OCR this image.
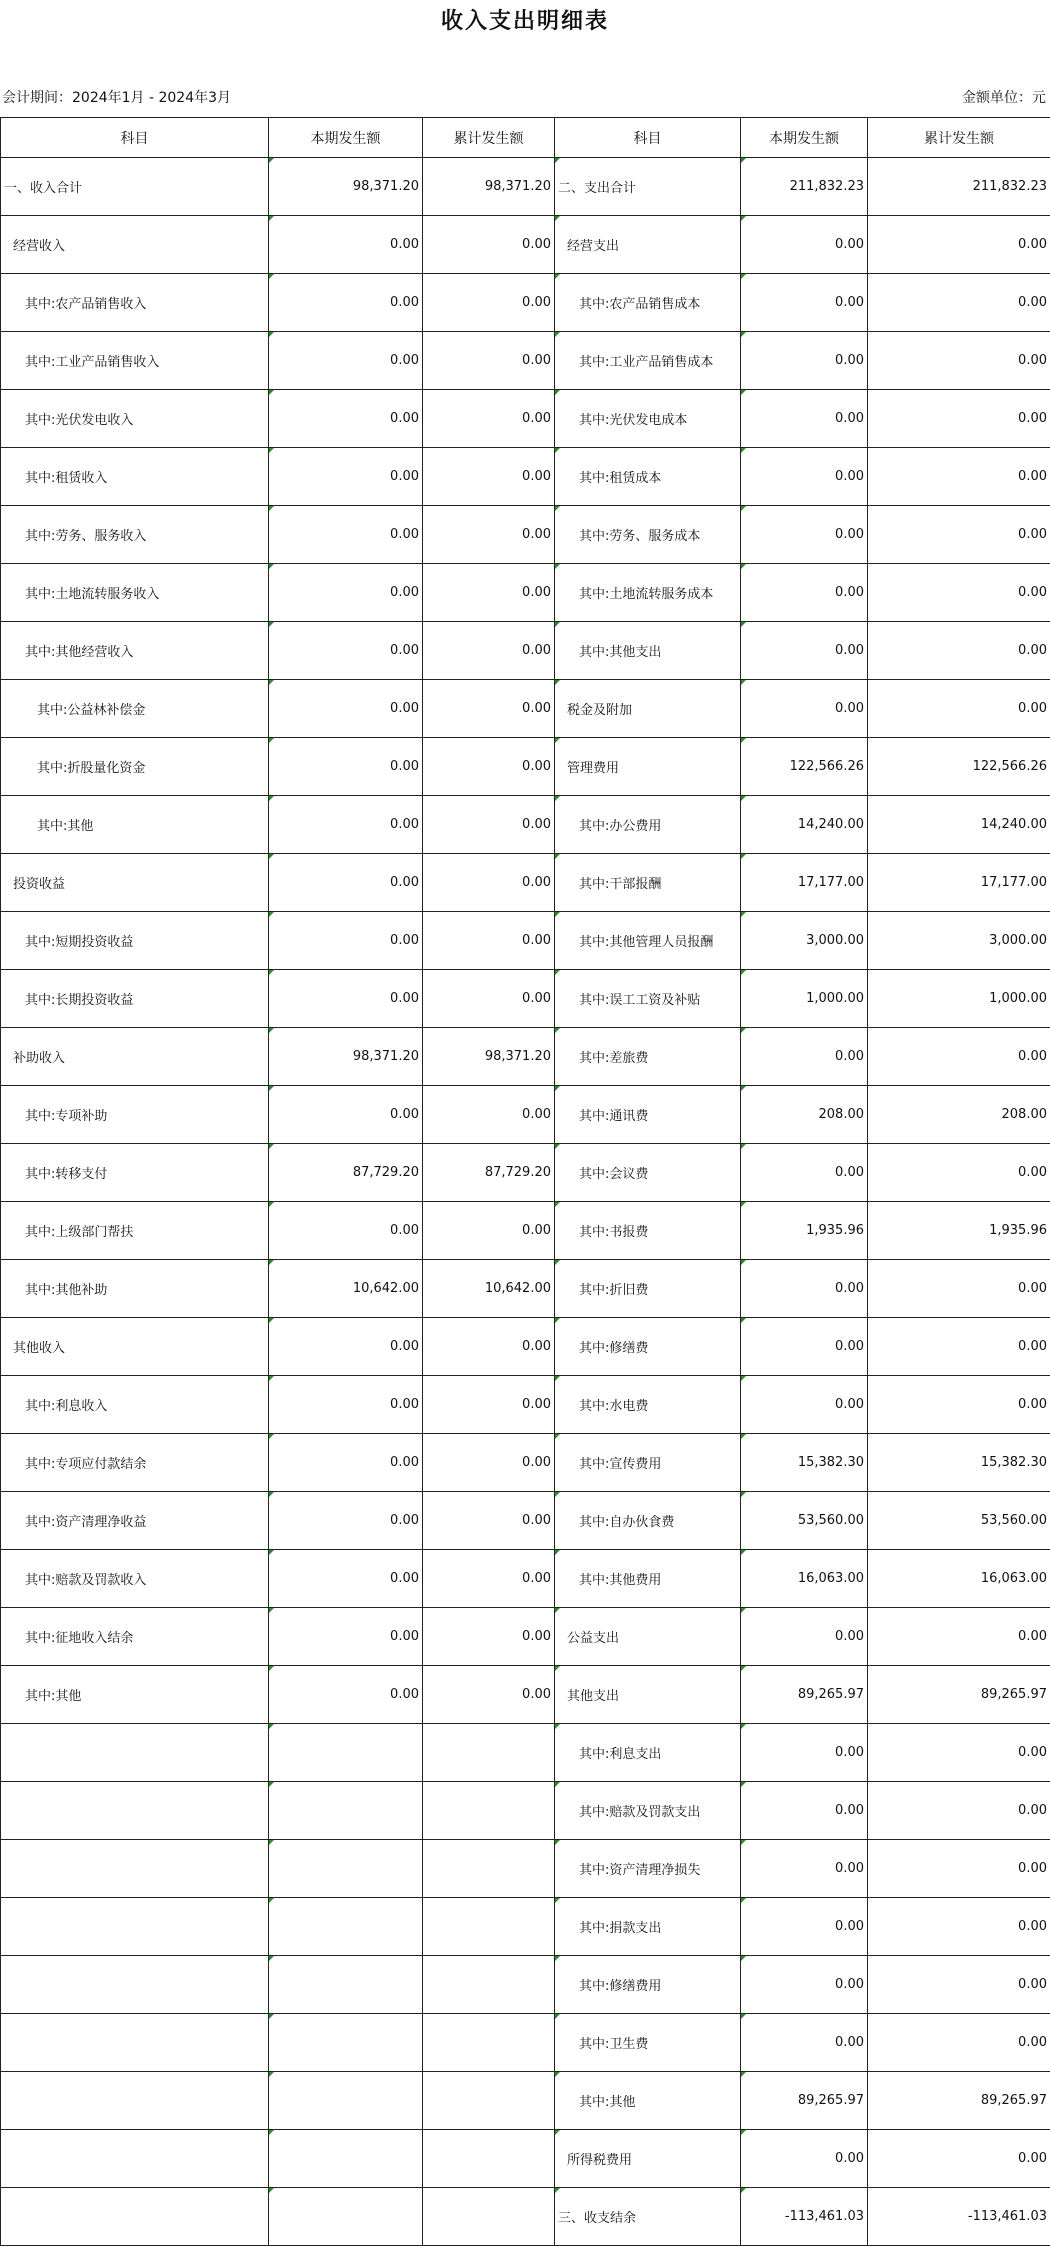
收入支出明细表
会计期间：2024年1月 - 2024年3月	金额单位：元
科目	本期发生额	累计发生额	科目	本期发生额	累计发生额
一、收入合计	98,371.20	98,371.20	二、支出合计	211,832.23	211,832.23
经营收入	0.00	0.00	经营支出	0.00	0.00
其中:农产品销售收入	0.00	0.00	其中:农产品销售成本	0.00	0.00
其中:工业产品销售收入	0.00	0.00	其中:工业产品销售成本	0.00	0.00
其中:光伏发电收入	0.00	0.00	其中:光伏发电成本	0.00	0.00
其中:租赁收入	0.00	0.00	其中:租赁成本	0.00	0.00
其中:劳务、服务收入	0.00	0.00	其中:劳务、服务成本	0.00	0.00
其中:土地流转服务收入	0.00	0.00	其中:土地流转服务成本	0.00	0.00
其中:其他经营收入	0.00	0.00	其中:其他支出	0.00	0.00
其中:公益林补偿金	0.00	0.00	税金及附加	0.00	0.00
其中:折股量化资金	0.00	0.00	管理费用	122,566.26	122,566.26
其中:其他	0.00	0.00	其中:办公费用	14,240.00	14,240.00
投资收益	0.00	0.00	其中:干部报酬	17,177.00	17,177.00
其中:短期投资收益	0.00	0.00	其中:其他管理人员报酬	3,000.00	3,000.00
其中:长期投资收益	0.00	0.00	其中:误工工资及补贴	1,000.00	1,000.00
补助收入	98,371.20	98,371.20	其中:差旅费	0.00	0.00
其中:专项补助	0.00	0.00	其中:通讯费	208.00	208.00
其中:转移支付	87,729.20	87,729.20	其中:会议费	0.00	0.00
其中:上级部门帮扶	0.00	0.00	其中:书报费	1,935.96	1,935.96
其中:其他补助	10,642.00	10,642.00	其中:折旧费	0.00	0.00
其他收入	0.00	0.00	其中:修缮费	0.00	0.00
其中:利息收入	0.00	0.00	其中:水电费	0.00	0.00
其中:专项应付款结余	0.00	0.00	其中:宣传费用	15,382.30	15,382.30
其中:资产清理净收益	0.00	0.00	其中:自办伙食费	53,560.00	53,560.00
其中:赔款及罚款收入	0.00	0.00	其中:其他费用	16,063.00	16,063.00
其中:征地收入结余	0.00	0.00	公益支出	0.00	0.00
其中:其他	0.00	0.00	其他支出	89,265.97	89,265.97
			其中:利息支出	0.00	0.00
			其中:赔款及罚款支出	0.00	0.00
			其中:资产清理净损失	0.00	0.00
			其中:捐款支出	0.00	0.00
			其中:修缮费用	0.00	0.00
			其中:卫生费	0.00	0.00
			其中:其他	89,265.97	89,265.97
			所得税费用	0.00	0.00
			三、收支结余	-113,461.03	-113,461.03
